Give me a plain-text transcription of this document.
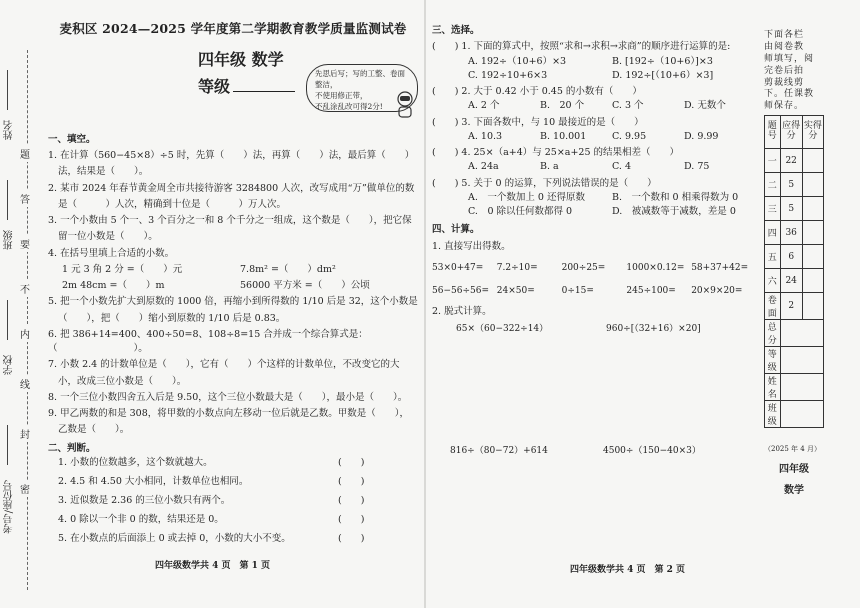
题
答
要
不
内
线
封
密
姓名
班级
学校
考号/座位号
麦积区 2024—2025 学年度第二学期教育教学质量监测试卷
四年级 数学
等级
先思后写；写的工整、卷面整洁，
不使用修正带，
不乱涂乱改可得2分!
一、填空。
1. 在计算（560−45×8）÷5 时，先算（　　）法，再算（　　）法，最后算（　　）
法，结果是（　　）。
2. 某市 2024 年春节黄金周全市共接待游客 3284800 人次，改写成用“万”做单位的数
是（　　　）人次，精确到十位是（　　　）万人次。
3. 一个小数由 5 个一、3 个百分之一和 8 个千分之一组成，这个数是（　　），把它保
留一位小数是（　　）。
4. 在括号里填上合适的小数。
1 元 3 角 2 分 =（　　）元	7.8m² =（　　）dm²
2m 48cm =（　　）m	56000 平方米 =（　　）公顷
5. 把一个小数先扩大到原数的 1000 倍，再缩小到所得数的 1/10 后是 32，这个小数是
（　　），把（　　）缩小到原数的 1/10 后是 0.83。
6. 把 386+14=400、400÷50=8、108÷8=15 合并成一个综合算式是：（　　　　　　　　）。
7. 小数 2.4 的计数单位是（　　），它有（　　）个这样的计数单位，不改变它的大
小，改成三位小数是（　　）。
8. 一个三位小数四舍五入后是 9.50，这个三位小数最大是（　　），最小是（　　）。
9. 甲乙两数的和是 308，将甲数的小数点向左移动一位后就是乙数。甲数是（　　），
乙数是（　　）。
二、判断。
1. 小数的位数越多，这个数就越大。	(　　)
2. 4.5 和 4.50 大小相同，计数单位也相同。	(　　)
3. 近似数是 2.36 的三位小数只有两个。	(　　)
4. 0 除以一个非 0 的数，结果还是 0。	(　　)
5. 在小数点的后面添上 0 或去掉 0，小数的大小不变。	(　　)
四年级数学共 4 页　第 1 页
三、选择。
(　　) 1. 下面的算式中，按照“求和→求积→求商”的顺序进行运算的是:
A. 192÷（10+6）×3	B. [192÷（10+6）]×3
C. 192÷10+6×3	D. 192÷[（10+6）×3]
(　　) 2. 大于 0.42 小于 0.45 的小数有（　　）
A. 2 个	B.　20 个	C. 3 个	D. 无数个
(　　) 3. 下面各数中，与 10 最接近的是（　　）
A. 10.3	B. 10.001	C. 9.95	D. 9.99
(　　) 4. 25×（a+4）与 25×a+25 的结果相差（　　）
A. 24a	B. a	C. 4	D. 75
(　　) 5. 关于 0 的运算，下列说法错误的是（　　）
A.　一个数加上 0 还得原数	B.　一个数和 0 相乘得数为 0
C.　0 除以任何数都得 0	D.　被减数等于减数，差是 0
四、计算。
1. 直接写出得数。
53×0+47=	7.2÷10=	200÷25=	1000×0.12= 58+37+42=
56−56÷56= 24×50=	0÷15=	245÷100=	20×9×20=
2. 脱式计算。
65×（60−322÷14）	960÷[（32+16）×20]
816÷（80−72）+614	4500÷（150−40×3）
四年级数学共 4 页　第 2 页
下面各栏
由阅卷教
师填写，阅
完卷后拍
剪裁线剪
下。任课教
师保存。
题号	应得分	实得分
一	22	
二	5	
三	5	
四	36	
五	6	
六	24	
卷面	2	
总分		
等级		
姓名		
班级		
（2025 年 4 月）
四年级
数学
